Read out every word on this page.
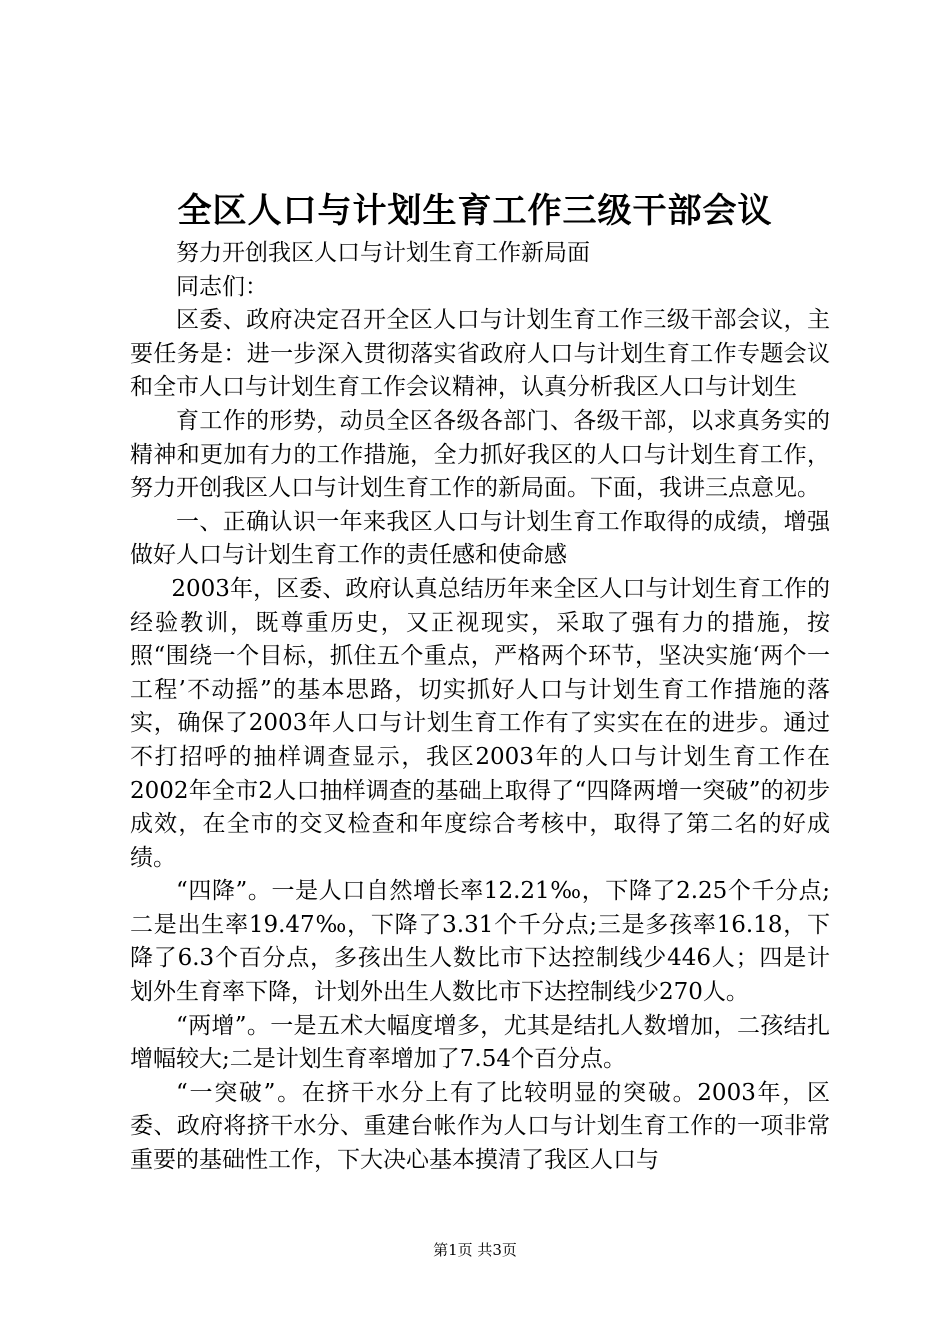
全区人口与计划生育工作三级干部会议

努力开创我区人口与计划生育工作新局面

同志们：

区委、政府决定召开全区人口与计划生育工作三级干部会议，主要任务是：进一步深入贯彻落实省政府人口与计划生育工作专题会议和全市人口与计划生育工作会议精神，认真分析我区人口与计划生

育工作的形势，动员全区各级各部门、各级干部，以求真务实的精神和更加有力的工作措施，全力抓好我区的人口与计划生育工作，努力开创我区人口与计划生育工作的新局面。下面，我讲三点意见。

一、正确认识一年来我区人口与计划生育工作取得的成绩，增强做好人口与计划生育工作的责任感和使命感

2003年，区委、政府认真总结历年来全区人口与计划生育工作的经验教训，既尊重历史，又正视现实，采取了强有力的措施，按照“围绕一个目标，抓住五个重点，严格两个环节，坚决实施‘两个一工程’不动摇”的基本思路，切实抓好人口与计划生育工作措施的落实，确保了2003年人口与计划生育工作有了实实在在的进步。通过不打招呼的抽样调查显示，我区2003年的人口与计划生育工作在2002年全市2人口抽样调查的基础上取得了“四降两增一突破”的初步成效，在全市的交叉检查和年度综合考核中，取得了第二名的好成绩。

“四降”。一是人口自然增长率12.21‰，下降了2.25个千分点;二是出生率19.47‰，下降了3.31个千分点;三是多孩率16.18，下降了6.3个百分点，多孩出生人数比市下达控制线少446人；四是计划外生育率下降，计划外出生人数比市下达控制线少270人。

“两增”。一是五术大幅度增多，尤其是结扎人数增加，二孩结扎增幅较大;二是计划生育率增加了7.54个百分点。

“一突破”。在挤干水分上有了比较明显的突破。2003年，区委、政府将挤干水分、重建台帐作为人口与计划生育工作的一项非常重要的基础性工作，下大决心基本摸清了我区人口与

第1页 共3页
